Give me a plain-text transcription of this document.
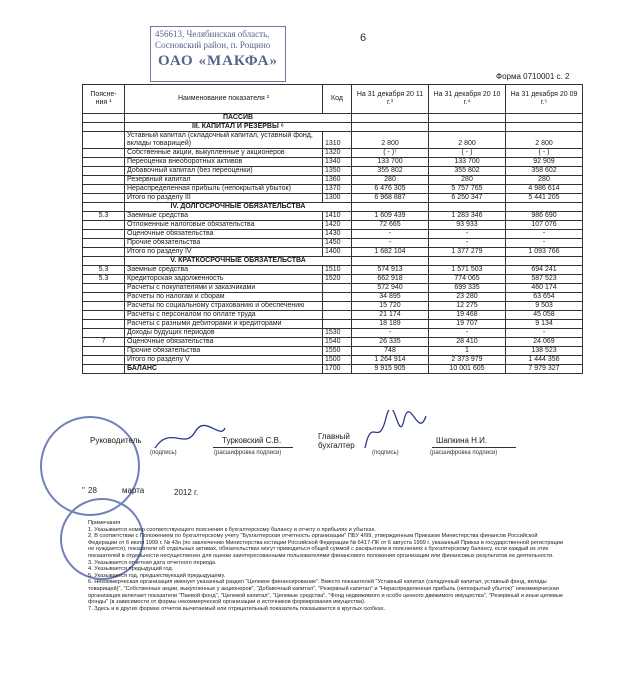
456613, Челябинская область,
Сосновский район, п. Рощино
ОАО «МАКФА»
6
Форма 0710001 с. 2
Поясне-ния ¹	Наименование показателя ²	Код	На 31 декабря 20 11 г.³	На 31 декабря 20 10 г.⁴	На 31 декабря 20 09 г.⁵
	ПАССИВ				
	III. КАПИТАЛ И РЕЗЕРВЫ ⁶				
	Уставный капитал (складочный капитал, уставный фонд, вклады товарищей)	1310	2 800	2 800	2 800
	Собственные акции, выкупленные у акционеров	1320	( - )⁷	( - )	( - )
	Переоценка внеоборотных активов	1340	133 700	133 700	92 909
	Добавочный капитал (без переоценки)	1350	355 802	355 802	358 602
	Резервный капитал	1360	280	280	280
	Нераспределенная прибыль (непокрытый убыток)	1370	6 476 305	5 757 765	4 986 614
	Итого по разделу III	1300	6 968 887	6 250 347	5 441 205
	IV. ДОЛГОСРОЧНЫЕ ОБЯЗАТЕЛЬСТВА				
5.3	Заемные средства	1410	1 609 439	1 283 346	986 690
	Отложенные налоговые обязательства	1420	72 665	93 933	107 076
	Оценочные обязательства	1430	-	-	-
	Прочие обязательства	1450	-	-	-
	Итого по разделу IV	1400	1 682 104	1 377 279	1 093 766
	V. КРАТКОСРОЧНЫЕ ОБЯЗАТЕЛЬСТВА				
5.3	Заемные средства	1510	574 913	1 571 503	694 241
5.3	Кредиторская задолженность	1520	662 918	774 065	587 523
	Расчеты с покупателями и заказчиками		572 940	699 335	460 174
	Расчеты по налогам и сборам		34 895	23 280	63 654
	Расчеты по социальному страхованию и обеспечению		15 720	12 275	9 503
	Расчеты с персоналом по оплате труда		21 174	19 468	45 058
	Расчеты с разными дебиторами и кредиторами		18 189	19 707	9 134
	Доходы будущих периодов	1530	-	-	-
7	Оценочные обязательства	1540	26 335	28 410	24 069
	Прочие обязательства	1550	748	1	138 523
	Итого по разделу V	1500	1 264 914	2 373 979	1 444 356
	БАЛАНС	1700	9 915 905	10 001 605	7 979 327
Руководитель	Турковский С.В.
(подпись)	(расшифровка подписи)
Главный бухгалтер
Шапкина Н.И.
(подпись)	(расшифровка подписи)
" 28	марта	2012 г.

Примечания

1. Указывается номер соответствующего пояснения к бухгалтерскому балансу и отчету о прибылях и убытках.

2. В соответствии с Положением по бухгалтерскому учету "Бухгалтерская отчетность организации" ПБУ 4/99, утвержденным Приказом Министерства финансов Российской Федерации от 6 июля 1999 г. № 43н (по заключению Министерства юстиции Российской Федерации № 6417-ПК от 6 августа 1999 г. указанный Приказ в государственной регистрации не нуждается), показатели об отдельных активах, обязательствах могут приводиться общей суммой с раскрытием в пояснениях к бухгалтерскому балансу, если каждый из этих показателей в отдельности несущественен для оценки заинтересованными пользователями финансового положения организации или финансовых результатов ее деятельности.

3. Указывается отчетная дата отчетного периода.

4. Указывается предыдущий год.

5. Указывается год, предшествующий предыдущему.

6. Некоммерческая организация именует указанный раздел "Целевое финансирование". Вместо показателей "Уставный капитал (складочный капитал, уставный фонд, вклады товарищей)", "Собственные акции, выкупленные у акционеров", "Добавочный капитал", "Резервный капитал" и "Нераспределенная прибыль (непокрытый убыток)" некоммерческая организация включает показатели "Паевой фонд", "Целевой капитал", "Целевые средства", "Фонд недвижимого и особо ценного движимого имущества", "Резервный и иные целевые фонды" (в зависимости от формы некоммерческой организации и источников формирования имущества).

7. Здесь и в других формах отчетов вычитаемый или отрицательный показатель показывается в круглых скобках.
